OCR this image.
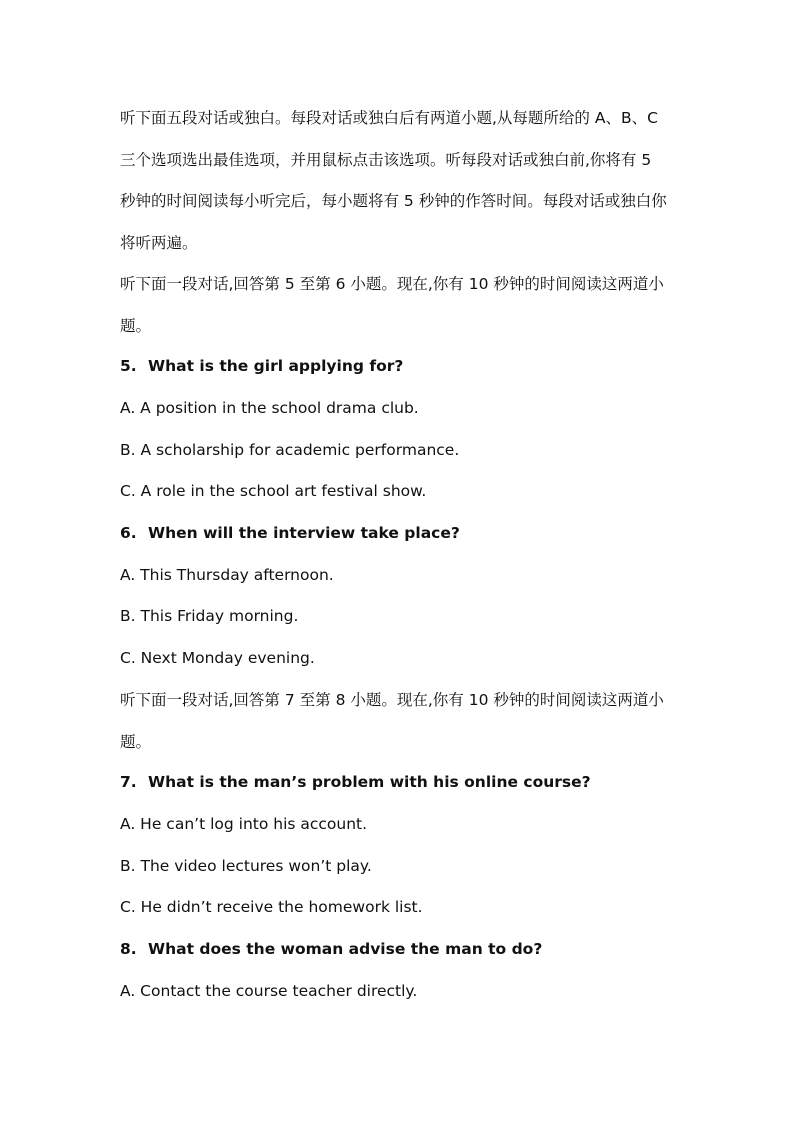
听下面五段对话或独白。每段对话或独白后有两道小题,从每题所给的 A、B、C
三个选项选出最佳选项，并用鼠标点击该选项。听每段对话或独白前,你将有 5
秒钟的时间阅读每小听完后，每小题将有 5 秒钟的作答时间。每段对话或独白你
将听两遍。
听下面一段对话,回答第 5 至第 6 小题。现在,你有 10 秒钟的时间阅读这两道小
题。
5. What is the girl applying for?
A. A position in the school drama club.
B. A scholarship for academic performance.
C. A role in the school art festival show.
6. When will the interview take place?
A. This Thursday afternoon.
B. This Friday morning.
C. Next Monday evening.
听下面一段对话,回答第 7 至第 8 小题。现在,你有 10 秒钟的时间阅读这两道小
题。
7. What is the man’s problem with his online course?
A. He can’t log into his account.
B. The video lectures won’t play.
C. He didn’t receive the homework list.
8. What does the woman advise the man to do?
A. Contact the course teacher directly.
